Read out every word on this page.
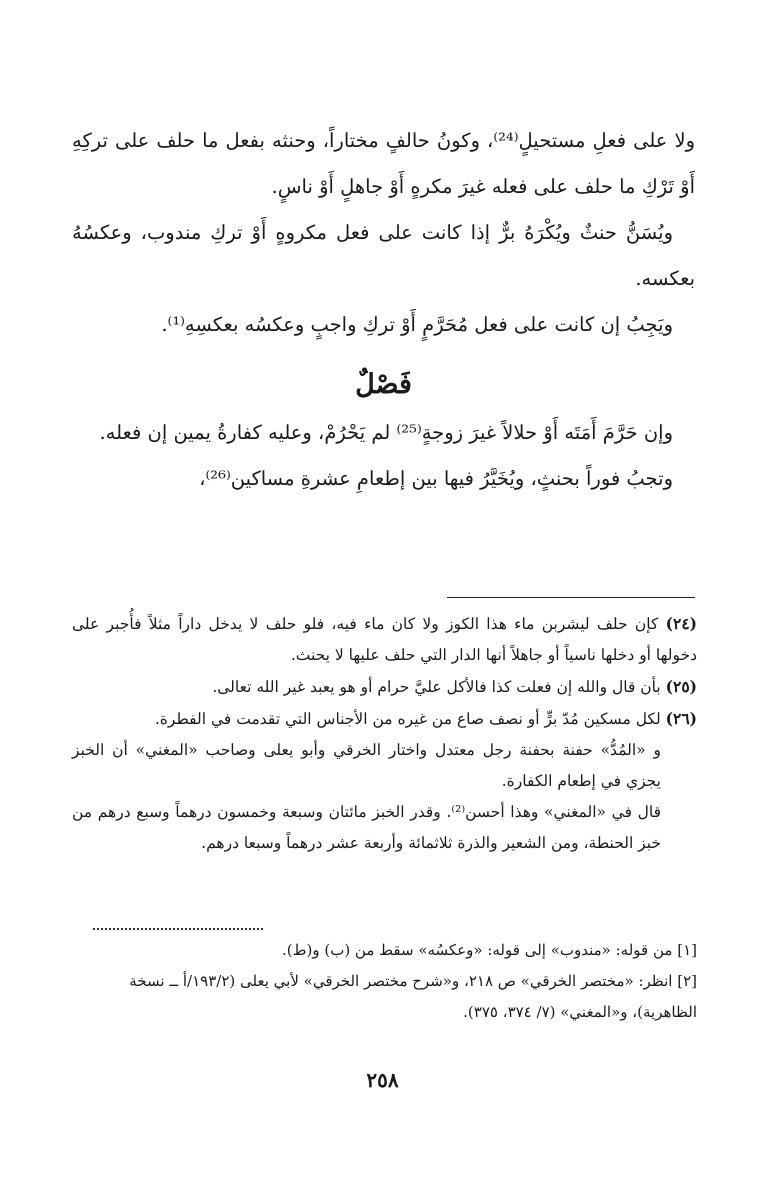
ولا على فعلِ مستحيلٍ⁽²⁴⁾، وكونُ حالفٍ مختاراً، وحنثه بفعل ما حلف على تركِهِ أَوْ تَرْكِ ما حلف على فعله غيرَ مكرهٍ أَوْ جاهلٍ أَوْ ناسٍ.

ويُسَنُّ حنثٌ ويُكْرَهُ برٌّ إذا كانت على فعل مكروهٍ أَوْ تركِ مندوب، وعكسُهُ بعكسه.

ويَجِبُ إن كانت على فعل مُحَرَّمٍ أَوْ تركِ واجبٍ وعكسُه بعكسِهِ⁽¹⁾.

فَصْلٌ

وإن حَرَّمَ أَمَتَه أَوْ حلالاً غيرَ زوجةٍ⁽²⁵⁾ لم يَحْرُمْ، وعليه كفارةُ يمين إن فعله.

وتجبُ فوراً بحنثٍ، ويُخَيَّرُ فيها بين إطعامِ عشرةِ مساكين⁽²⁶⁾،

(٢٤) كإن حلف ليشربن ماء هذا الكوز ولا كان ماء فيه، فلو حلف لا يدخل داراً مثلاً فأُجبر على دخولها أو دخلها ناسياً أو جاهلاً أنها الدار التي حلف عليها لا يحنث.

(٢٥) بأن قال والله إن فعلت كذا فالأكل عليَّ حرام أو هو يعبد غير الله تعالى.

(٢٦) لكل مسكين مُدّ برٍّ أو نصف صاع من غيره من الأجناس التي تقدمت في الفطرة.

و «المُدُّ» حفنة بحفنة رجل معتدل واختار الخرقي وأبو يعلى وصاحب «المغني» أن الخبز يجزي في إطعام الكفارة.

قال في «المغني» وهذا أحسن⁽²⁾. وقدر الخبز مائتان وسبعة وخمسون درهماً وسبع درهم من خبز الحنطة، ومن الشعير والذرة ثلاثمائة وأربعة عشر درهماً وسبعا درهم.

[١] من قوله: «مندوب» إلى قوله: «وعكسُه» سقط من (ب) و(ط).

[٢] انظر: «مختصر الخرقي» ص ٢١٨، و«شرح مختصر الخرقي» لأبي يعلى (١٩٣/٢/أ ــ نسخة الظاهرية)، و«المغني» (٧/ ٣٧٤، ٣٧٥).

٢٥٨
